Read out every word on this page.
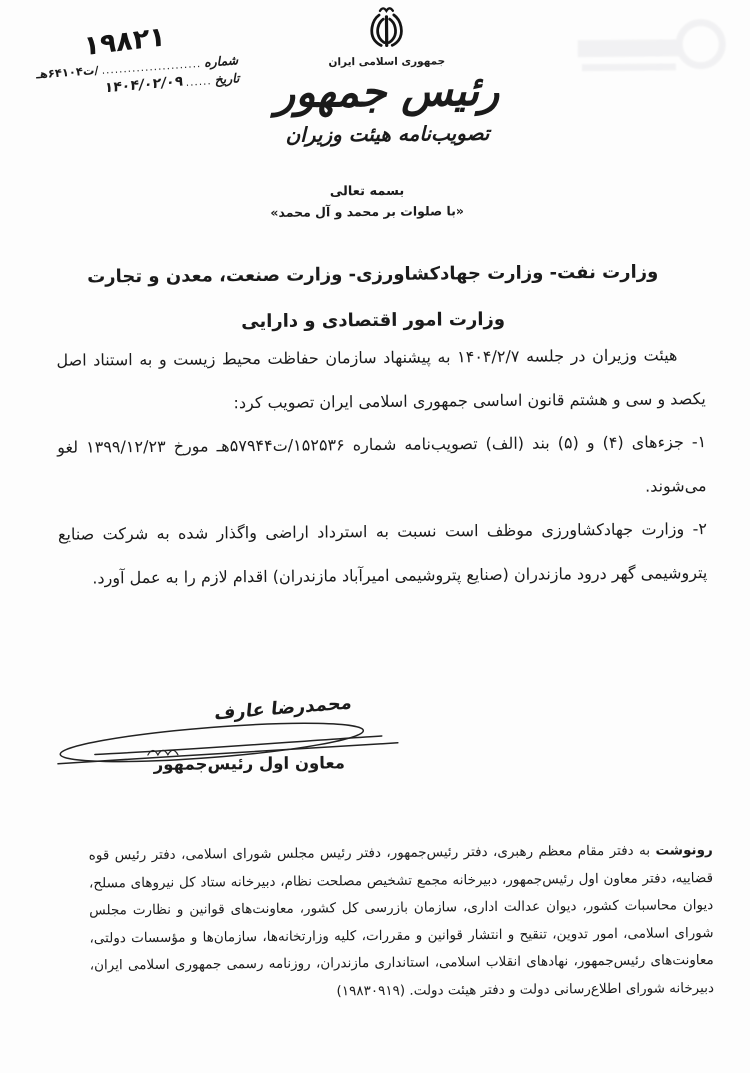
۱۹۸۲۱	شماره
.......................
/ت۶۴۱۰۴هـ	تاریخ
......
۱۴۰۴/۰۲/۰۹
جمهوری اسلامی ایران
رئیس جمهور
تصویب‌نامه هیئت وزیران
بسمه تعالی
«با صلوات بر محمد و آل محمد»
وزارت نفت- وزارت جهادکشاورزی- وزارت صنعت، معدن و تجارت
وزارت امور اقتصادی و دارایی

هیئت وزیران در جلسه ۱۴۰۴/۲/۷ به پیشنهاد سازمان حفاظت محیط زیست و به استناد اصل یکصد و سی و هشتم قانون اساسی جمهوری اسلامی ایران تصویب کرد:

۱- جزءهای (۴) و (۵) بند (الف) تصویب‌نامه شماره ۱۵۲۵۳۶/ت۵۷۹۴۴هـ مورخ ۱۳۹۹/۱۲/۲۳ لغو می‌شوند.

۲- وزارت جهادکشاورزی موظف است نسبت به استرداد اراضی واگذار شده به شرکت صنایع پتروشیمی گهر درود مازندران (صنایع پتروشیمی امیرآباد مازندران) اقدام لازم را به عمل آورد.

محمدرضا عارف
معاون اول رئیس‌جمهور

رونوشت به دفتر مقام معظم رهبری، دفتر رئیس‌جمهور، دفتر رئیس مجلس شورای اسلامی، دفتر رئیس قوه قضاییه، دفتر معاون اول رئیس‌جمهور، دبیرخانه مجمع تشخیص مصلحت نظام، دبیرخانه ستاد کل نیروهای مسلح، دیوان محاسبات کشور، دیوان عدالت اداری، سازمان بازرسی کل کشور، معاونت‌های قوانین و نظارت مجلس شورای اسلامی، امور تدوین، تنقیح و انتشار قوانین و مقررات، کلیه وزارتخانه‌ها، سازمان‌ها و مؤسسات دولتی، معاونت‌های رئیس‌جمهور، نهادهای انقلاب اسلامی، استانداری مازندران، روزنامه رسمی جمهوری اسلامی ایران، دبیرخانه شورای اطلاع‌رسانی دولت و دفتر هیئت دولت. (۱۹۸۳۰۹۱۹)
